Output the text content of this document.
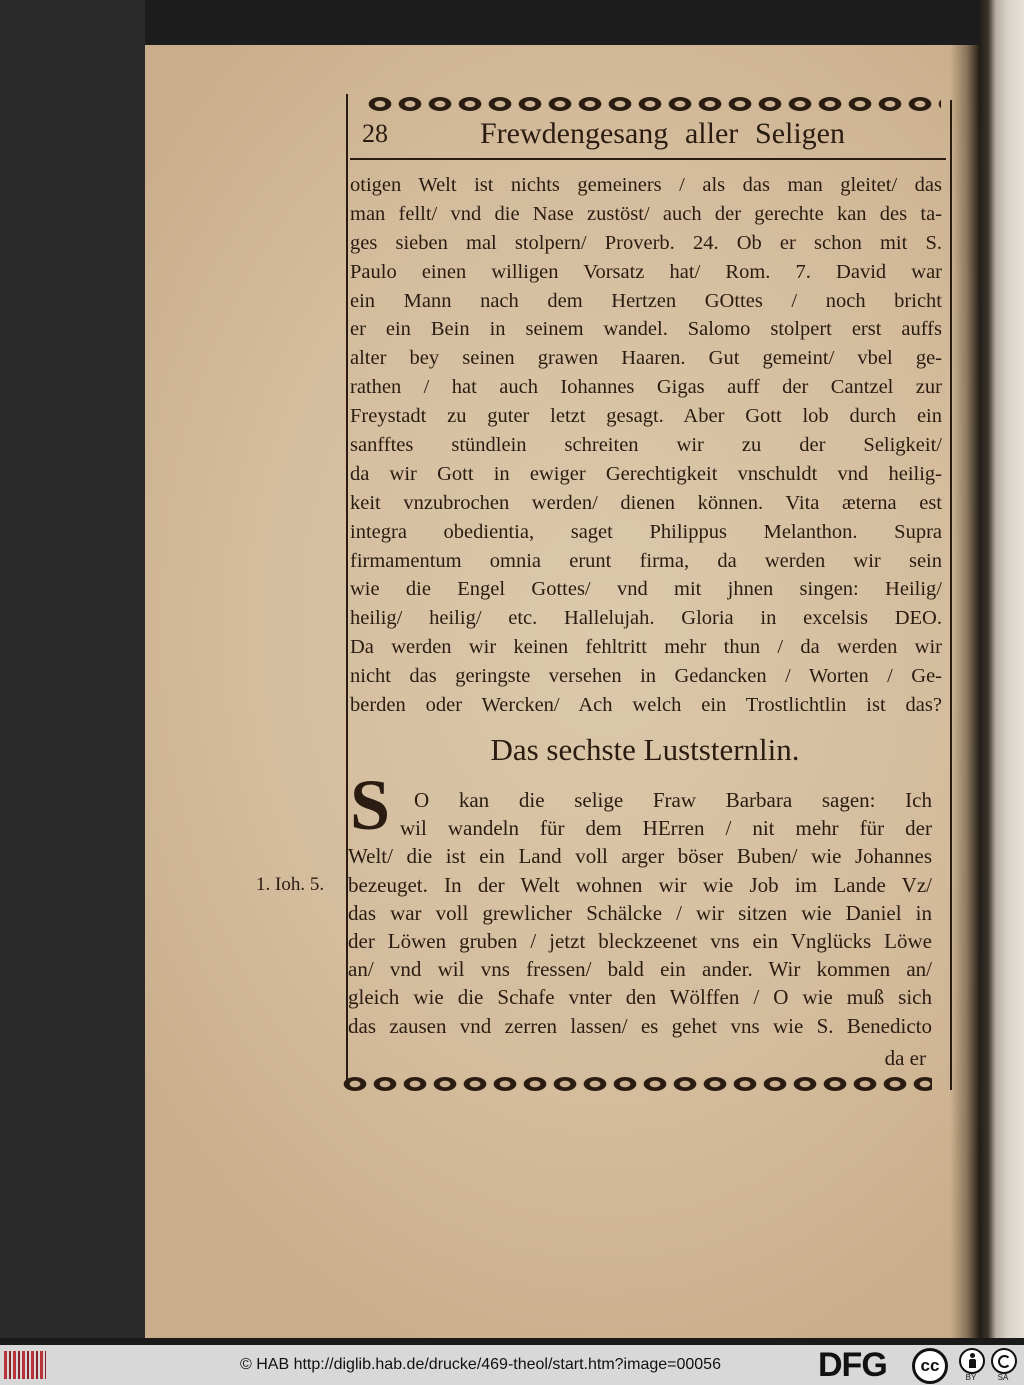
28	Frewdengesang aller Seligen
otigen Welt ist nichts gemeiners / als das man gleitet/ das
man fellt/ vnd die Nase zustöst/ auch der gerechte kan des ta-
ges sieben mal stolpern/ Proverb. 24. Ob er schon mit S.
Paulo einen willigen Vorsatz hat/ Rom. 7. David war
ein Mann nach dem Hertzen GOttes / noch bricht
er ein Bein in seinem wandel. Salomo stolpert erst auffs
alter bey seinen grawen Haaren. Gut gemeint/ vbel ge-
rathen / hat auch Iohannes Gigas auff der Cantzel zur
Freystadt zu guter letzt gesagt. Aber Gott lob durch ein
sanfftes stündlein schreiten wir zu der Seligkeit/
da wir Gott in ewiger Gerechtigkeit vnschuldt vnd heilig-
keit vnzubrochen werden/ dienen können. Vita æterna est
integra obedientia, saget Philippus Melanthon. Supra
firmamentum omnia erunt firma, da werden wir sein
wie die Engel Gottes/ vnd mit jhnen singen: Heilig/
heilig/ heilig/ etc. Hallelujah. Gloria in excelsis DEO.
Da werden wir keinen fehltritt mehr thun / da werden wir
nicht das geringste versehen in Gedancken / Worten / Ge-
berden oder Wercken/ Ach welch ein Trostlichtlin ist das?
Das sechste Luststernlin.
S	O kan die selige Fraw Barbara sagen: Ich
wil wandeln für dem HErren / nit mehr für der
Welt/ die ist ein Land voll arger böser Buben/ wie Johannes
bezeuget. In der Welt wohnen wir wie Job im Lande Vz/
das war voll grewlicher Schälcke / wir sitzen wie Daniel in
der Löwen gruben / jetzt bleckzeenet vns ein Vnglücks Löwe
an/ vnd wil vns fressen/ bald ein ander. Wir kommen an/
gleich wie die Schafe vnter den Wölffen / O wie muß sich
das zausen vnd zerren lassen/ es gehet vns wie S. Benedicto
1. Ioh. 5.
da er
© HAB http://diglib.hab.de/drucke/469-theol/start.htm?image=00056	DFG	cc
BY	SA
